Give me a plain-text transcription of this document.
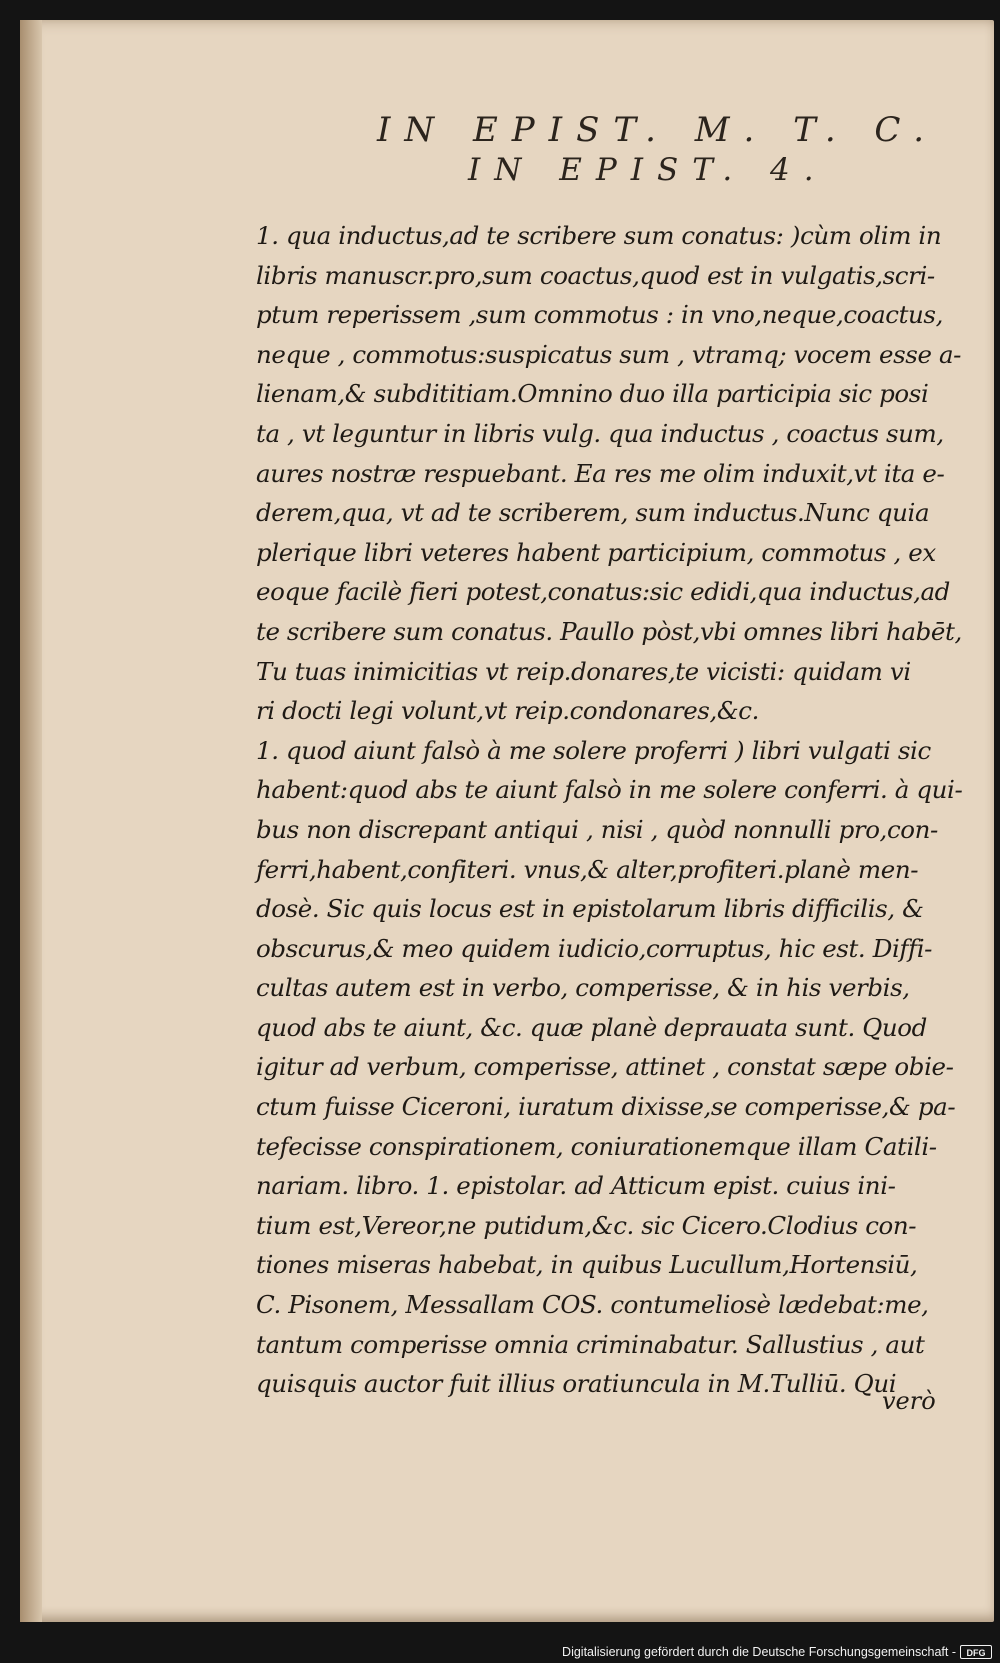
IN EPIST. M. T. C.
IN EPIST. 4.
1. qua inductus,ad te scribere sum conatus: )cùm olim in
libris manuscr.pro,sum coactus,quod est in vulgatis,scri-
ptum reperissem ,sum commotus : in vno,neque,coactus,
neque , commotus:suspicatus sum , vtramq; vocem esse a-
lienam,& subdititiam.Omnino duo illa participia sic posi
ta , vt leguntur in libris vulg. qua inductus , coactus sum,
aures nostræ respuebant. Ea res me olim induxit,vt ita e-
derem,qua, vt ad te scriberem, sum inductus.Nunc quia
plerique libri veteres habent participium, commotus , ex
eoque facilè fieri potest,conatus:sic edidi,qua inductus,ad
te scribere sum conatus. Paullo pòst,vbi omnes libri habēt,
Tu tuas inimicitias vt reip.donares,te vicisti: quidam vi
ri docti legi volunt,vt reip.condonares,&c.
1. quod aiunt falsò à me solere proferri ) libri vulgati sic
habent:quod abs te aiunt falsò in me solere conferri. à qui-
bus non discrepant antiqui , nisi , quòd nonnulli pro,con-
ferri,habent,confiteri. vnus,& alter,profiteri.planè men-
dosè. Sic quis locus est in epistolarum libris difficilis, &
obscurus,& meo quidem iudicio,corruptus, hic est. Diffi-
cultas autem est in verbo, comperisse, & in his verbis,
quod abs te aiunt, &c. quæ planè deprauata sunt. Quod
igitur ad verbum, comperisse, attinet , constat sæpe obie-
ctum fuisse Ciceroni, iuratum dixisse,se comperisse,& pa-
tefecisse conspirationem, coniurationemque illam Catili-
nariam. libro. 1. epistolar. ad Atticum epist. cuius ini-
tium est,Vereor,ne putidum,&c. sic Cicero.Clodius con-
tiones miseras habebat, in quibus Lucullum,Hortensiū,
C. Pisonem, Messallam COS. contumeliosè lædebat:me,
tantum comperisse omnia criminabatur. Sallustius , aut
quisquis auctor fuit illius oratiuncula in M.Tulliū. Qui
verò
Digitalisierung gefördert durch die Deutsche Forschungsgemeinschaft -	DFG
